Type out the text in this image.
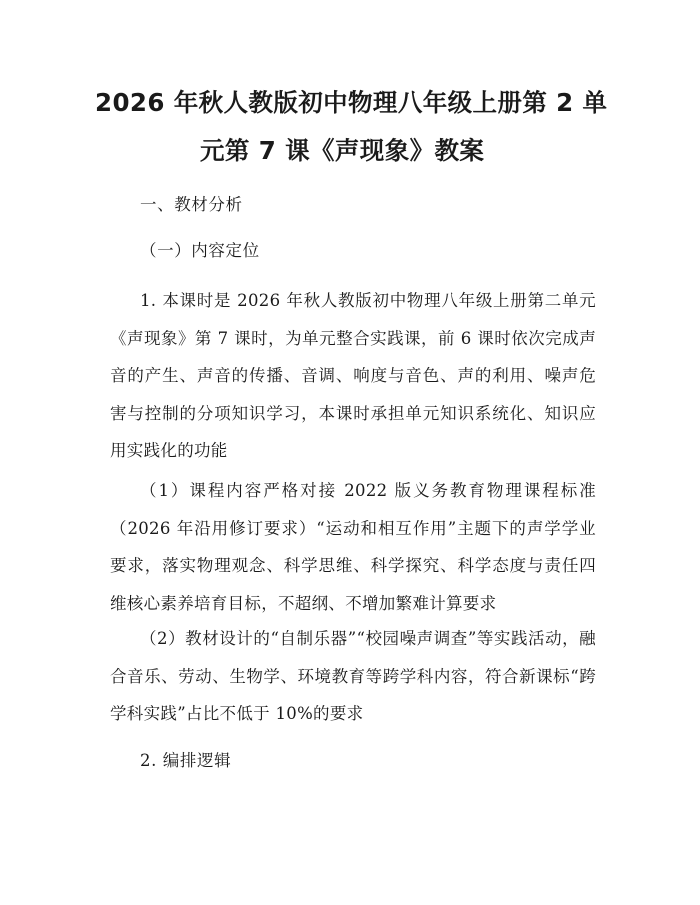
2026 年秋人教版初中物理八年级上册第 2 单
元第 7 课《声现象》教案
一、教材分析
（一）内容定位
1. 本课时是 2026 年秋人教版初中物理八年级上册第二单元《声现象》第 7 课时，为单元整合实践课，前 6 课时依次完成声音的产生、声音的传播、音调、响度与音色、声的利用、噪声危害与控制的分项知识学习，本课时承担单元知识系统化、知识应用实践化的功能
（1）课程内容严格对接 2022 版义务教育物理课程标准（2026 年沿用修订要求）“运动和相互作用”主题下的声学学业要求，落实物理观念、科学思维、科学探究、科学态度与责任四维核心素养培育目标，不超纲、不增加繁难计算要求
（2）教材设计的“自制乐器”“校园噪声调查”等实践活动，融合音乐、劳动、生物学、环境教育等跨学科内容，符合新课标“跨学科实践”占比不低于 10%的要求
2. 编排逻辑
